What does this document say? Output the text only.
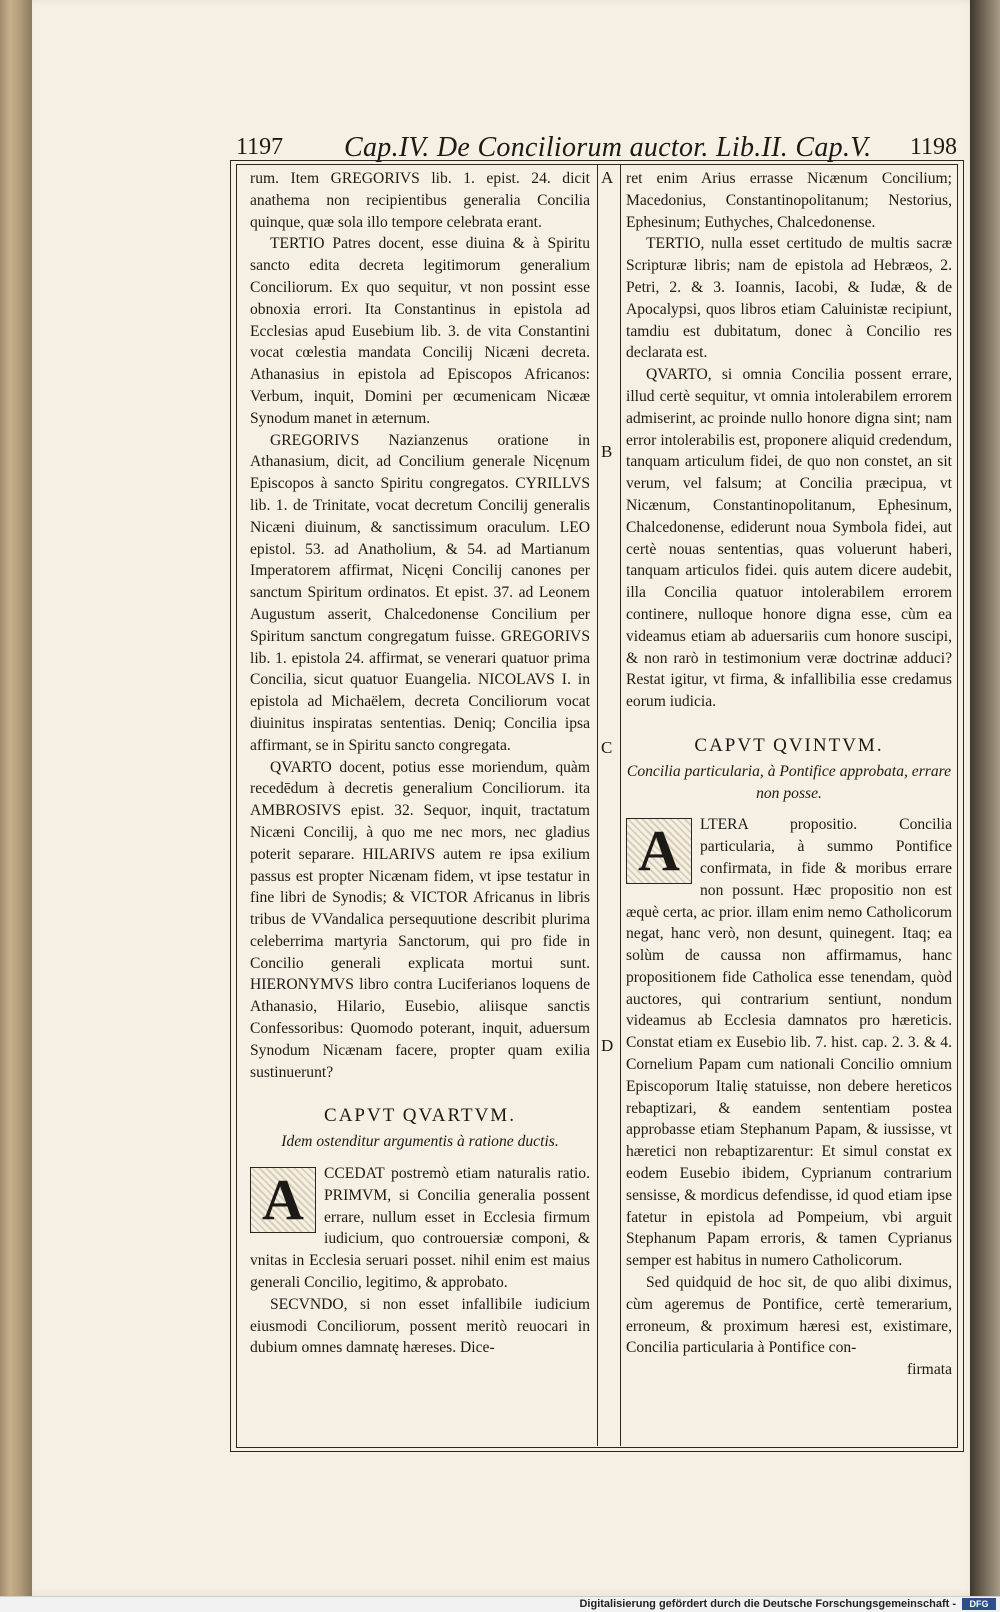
1197 Cap.IV. De Conciliorum auctor. Lib.II. Cap.V. 1198
A
B
C
D

rum. Item GREGORIVS lib. 1. epist. 24. dicit anathema non recipientibus generalia Concilia quinque, quæ sola illo tempore celebrata erant.

TERTIO Patres docent, esse diuina & à Spiritu sancto edita decreta legitimorum generalium Conciliorum. Ex quo sequitur, vt non possint esse obnoxia errori. Ita Constantinus in epistola ad Ecclesias apud Eusebium lib. 3. de vita Constantini vocat cœlestia mandata Concilij Nicæni decreta. Athanasius in epistola ad Episcopos Africanos: Verbum, inquit, Domini per œcumenicam Nicææ Synodum manet in æternum.

GREGORIVS Nazianzenus oratione in Athanasium, dicit, ad Concilium generale Nicęnum Episcopos à sancto Spiritu congregatos. CYRILLVS lib. 1. de Trinitate, vocat decretum Concilij generalis Nicæni diuinum, & sanctissimum oraculum. LEO epistol. 53. ad Anatholium, & 54. ad Martianum Imperatorem affirmat, Nicęni Concilij canones per sanctum Spiritum ordinatos. Et epist. 37. ad Leonem Augustum asserit, Chalcedonense Concilium per Spiritum sanctum congregatum fuisse. GREGORIVS lib. 1. epistola 24. affirmat, se venerari quatuor prima Concilia, sicut quatuor Euangelia. NICOLAVS I. in epistola ad Michaëlem, decreta Conciliorum vocat diuinitus inspiratas sententias. Deniq; Concilia ipsa affirmant, se in Spiritu sancto congregata.

QVARTO docent, potius esse moriendum, quàm recedēdum à decretis generalium Conciliorum. ita AMBROSIVS epist. 32. Sequor, inquit, tractatum Nicæni Concilij, à quo me nec mors, nec gladius poterit separare. HILARIVS autem re ipsa exilium passus est propter Nicænam fidem, vt ipse testatur in fine libri de Synodis; & VICTOR Africanus in libris tribus de VVandalica persequutione describit plurima celeberrima martyria Sanctorum, qui pro fide in Concilio generali explicata mortui sunt. HIERONYMVS libro contra Luciferianos loquens de Athanasio, Hilario, Eusebio, aliisque sanctis Confessoribus: Quomodo poterant, inquit, aduersum Synodum Nicænam facere, propter quam exilia sustinuerunt?

CAPVT QVARTVM.
Idem ostenditur argumentis à ratione ductis.
A	CCEDAT postremò etiam naturalis ratio. PRIMVM, si Concilia generalia possent errare, nullum esset in Ecclesia firmum iudicium, quo controuersiæ componi, & vnitas in Ecclesia seruari posset. nihil enim est maius generali Concilio, legitimo, & approbato.

SECVNDO, si non esset infallibile iudicium eiusmodi Conciliorum, possent meritò reuocari in dubium omnes damnatę hæreses. Dice-

ret enim Arius errasse Nicænum Concilium; Macedonius, Constantinopolitanum; Nestorius, Ephesinum; Euthyches, Chalcedonense.

TERTIO, nulla esset certitudo de multis sacræ Scripturæ libris; nam de epistola ad Hebræos, 2. Petri, 2. & 3. Ioannis, Iacobi, & Iudæ, & de Apocalypsi, quos libros etiam Caluinistæ recipiunt, tamdiu est dubitatum, donec à Concilio res declarata est.

QVARTO, si omnia Concilia possent errare, illud certè sequitur, vt omnia intolerabilem errorem admiserint, ac proinde nullo honore digna sint; nam error intolerabilis est, proponere aliquid credendum, tanquam articulum fidei, de quo non constet, an sit verum, vel falsum; at Concilia præcipua, vt Nicænum, Constantinopolitanum, Ephesinum, Chalcedonense, ediderunt noua Symbola fidei, aut certè nouas sententias, quas voluerunt haberi, tanquam articulos fidei. quis autem dicere audebit, illa Concilia quatuor intolerabilem errorem continere, nulloque honore digna esse, cùm ea videamus etiam ab aduersariis cum honore suscipi, & non rarò in testimonium veræ doctrinæ adduci? Restat igitur, vt firma, & infallibilia esse credamus eorum iudicia.

CAPVT QVINTVM.
Concilia particularia, à Pontifice approbata, errare non posse.
A	LTERA propositio. Concilia particularia, à summo Pontifice confirmata, in fide & moribus errare non possunt. Hæc propositio non est æquè certa, ac prior. illam enim nemo Catholicorum negat, hanc verò, non desunt, quinegent. Itaq; ea solùm de caussa non affirmamus, hanc propositionem fide Catholica esse tenendam, quòd auctores, qui contrarium sentiunt, nondum videamus ab Ecclesia damnatos pro hæreticis. Constat etiam ex Eusebio lib. 7. hist. cap. 2. 3. & 4. Cornelium Papam cum nationali Concilio omnium Episcoporum Italię statuisse, non debere hereticos rebaptizari, & eandem sententiam postea approbasse etiam Stephanum Papam, & iussisse, vt hæretici non rebaptizarentur: Et simul constat ex eodem Eusebio ibidem, Cyprianum contrarium sensisse, & mordicus defendisse, id quod etiam ipse fatetur in epistola ad Pompeium, vbi arguit Stephanum Papam erroris, & tamen Cyprianus semper est habitus in numero Catholicorum.

Sed quidquid de hoc sit, de quo alibi diximus, cùm ageremus de Pontifice, certè temerarium, erroneum, & proximum hæresi est, existimare, Concilia particularia à Pontifice con-

firmata
Digitalisierung gefördert durch die Deutsche Forschungsgemeinschaft -	DFG
